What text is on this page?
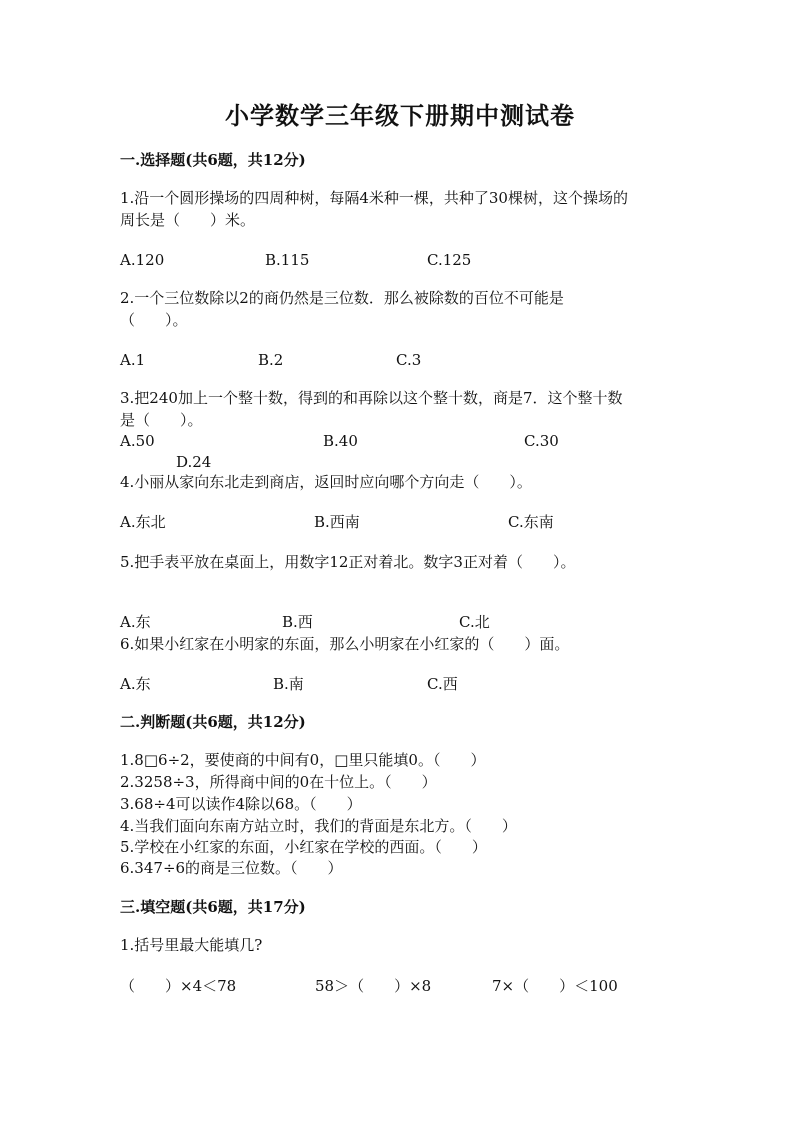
小学数学三年级下册期中测试卷
一.选择题(共6题，共12分)
1.沿一个圆形操场的四周种树，每隔4米种一棵，共种了30棵树，这个操场的
周长是（　　）米。
A.120	B.115	C.125
2.一个三位数除以2的商仍然是三位数．那么被除数的百位不可能是
（　　）。
A.1	B.2	C.3
3.把240加上一个整十数，得到的和再除以这个整十数，商是7．这个整十数
是（　　）。
A.50	B.40	C.30
D.24
4.小丽从家向东北走到商店，返回时应向哪个方向走（　　）。
A.东北	B.西南	C.东南
5.把手表平放在桌面上，用数字12正对着北。数字3正对着（　　）。
A.东	B.西	C.北
6.如果小红家在小明家的东面，那么小明家在小红家的（　　）面。
A.东	B.南	C.西
二.判断题(共6题，共12分)
1.8□6÷2，要使商的中间有0，□里只能填0。（　　）
2.3258÷3，所得商中间的0在十位上。（　　）
3.68÷4可以读作4除以68。（　　）
4.当我们面向东南方站立时，我们的背面是东北方。（　　）
5.学校在小红家的东面，小红家在学校的西面。（　　）
6.347÷6的商是三位数。（　　）
三.填空题(共6题，共17分)
1.括号里最大能填几?
（　　）×4＜78	58＞（　　）×8	7×（　　）＜100
